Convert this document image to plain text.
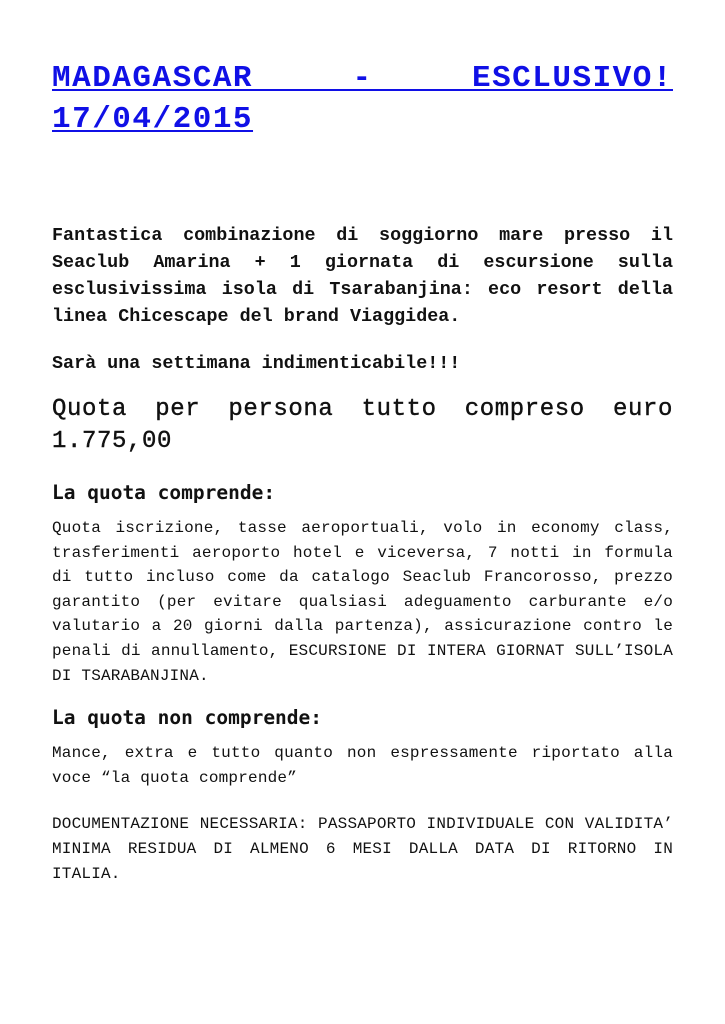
MADAGASCAR - ESCLUSIVO! 17/04/2015

Fantastica combinazione di soggiorno mare presso il Seaclub Amarina + 1 giornata di escursione sulla esclusivissima isola di Tsarabanjina: eco resort della linea Chicescape del brand Viaggidea.

Sarà una settimana indimenticabile!!!

Quota per persona tutto compreso euro 1.775,00
La quota comprende:

Quota iscrizione, tasse aeroportuali, volo in economy class, trasferimenti aeroporto hotel e viceversa, 7 notti in formula di tutto incluso come da catalogo Seaclub Francorosso, prezzo garantito (per evitare qualsiasi adeguamento carburante e/o valutario a 20 giorni dalla partenza), assicurazione contro le penali di annullamento, ESCURSIONE DI INTERA GIORNAT SULL’ISOLA DI TSARABANJINA.

La quota non comprende:

Mance, extra e tutto quanto non espressamente riportato alla voce “la quota comprende”

DOCUMENTAZIONE NECESSARIA: PASSAPORTO INDIVIDUALE CON VALIDITA’ MINIMA RESIDUA DI ALMENO 6 MESI DALLA DATA DI RITORNO IN ITALIA.
